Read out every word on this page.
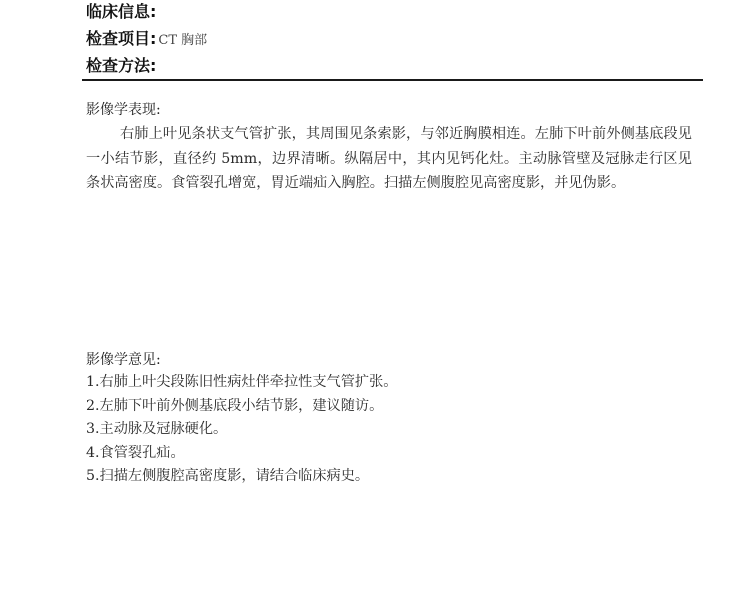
临床信息:
检查项目: CT 胸部
检查方法:
影像学表现:
右肺上叶见条状支气管扩张，其周围见条索影，与邻近胸膜相连。左肺下叶前外侧基底段见一小结节影，直径约 5mm，边界清晰。纵隔居中，其内见钙化灶。主动脉管壁及冠脉走行区见条状高密度。食管裂孔增宽，胃近端疝入胸腔。扫描左侧腹腔见高密度影，并见伪影。
影像学意见:
1.右肺上叶尖段陈旧性病灶伴牵拉性支气管扩张。
2.左肺下叶前外侧基底段小结节影，建议随访。
3.主动脉及冠脉硬化。
4.食管裂孔疝。
5.扫描左侧腹腔高密度影，请结合临床病史。
